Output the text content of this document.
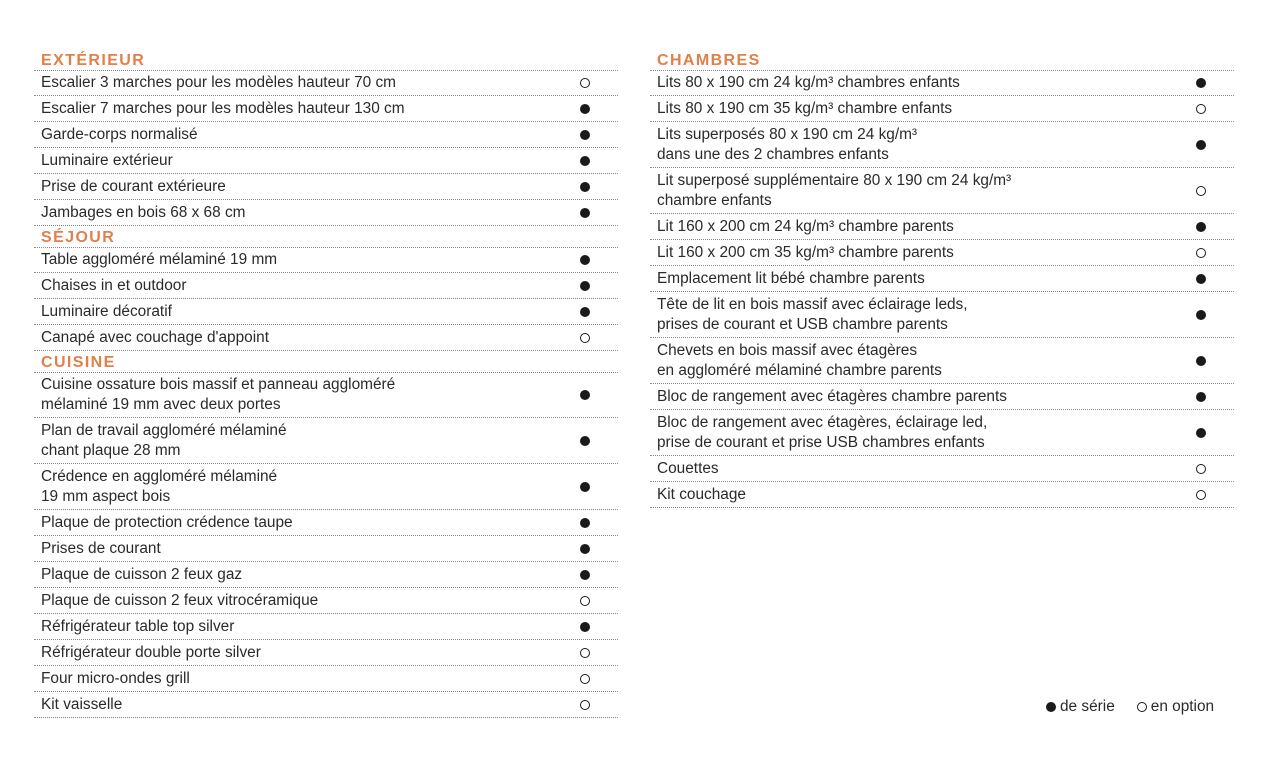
EXTÉRIEUR
Escalier 3 marches pour les modèles hauteur 70 cm
Escalier 7 marches pour les modèles hauteur 130 cm
Garde-corps normalisé
Luminaire extérieur
Prise de courant extérieure
Jambages en bois 68 x 68 cm
SÉJOUR
Table aggloméré mélaminé 19 mm
Chaises in et outdoor
Luminaire décoratif
Canapé avec couchage d'appoint
CUISINE
Cuisine ossature bois massif et panneau aggloméré
mélaminé 19 mm avec deux portes
Plan de travail aggloméré mélaminé
chant plaque 28 mm
Crédence en aggloméré mélaminé
19 mm aspect bois
Plaque de protection crédence taupe
Prises de courant
Plaque de cuisson 2 feux gaz
Plaque de cuisson 2 feux vitrocéramique
Réfrigérateur table top silver
Réfrigérateur double porte silver
Four micro-ondes grill
Kit vaisselle
CHAMBRES
Lits 80 x 190 cm 24 kg/m³ chambres enfants
Lits 80 x 190 cm 35 kg/m³ chambre enfants
Lits superposés 80 x 190 cm 24 kg/m³
dans une des 2 chambres enfants
Lit superposé supplémentaire 80 x 190 cm 24 kg/m³
chambre enfants
Lit 160 x 200 cm 24 kg/m³ chambre parents
Lit 160 x 200 cm 35 kg/m³ chambre parents
Emplacement lit bébé chambre parents
Tête de lit en bois massif avec éclairage leds,
prises de courant et USB chambre parents
Chevets en bois massif avec étagères
en aggloméré mélaminé chambre parents
Bloc de rangement avec étagères chambre parents
Bloc de rangement avec étagères, éclairage led,
prise de courant et prise USB chambres enfants
Couettes
Kit couchage
de série en option
